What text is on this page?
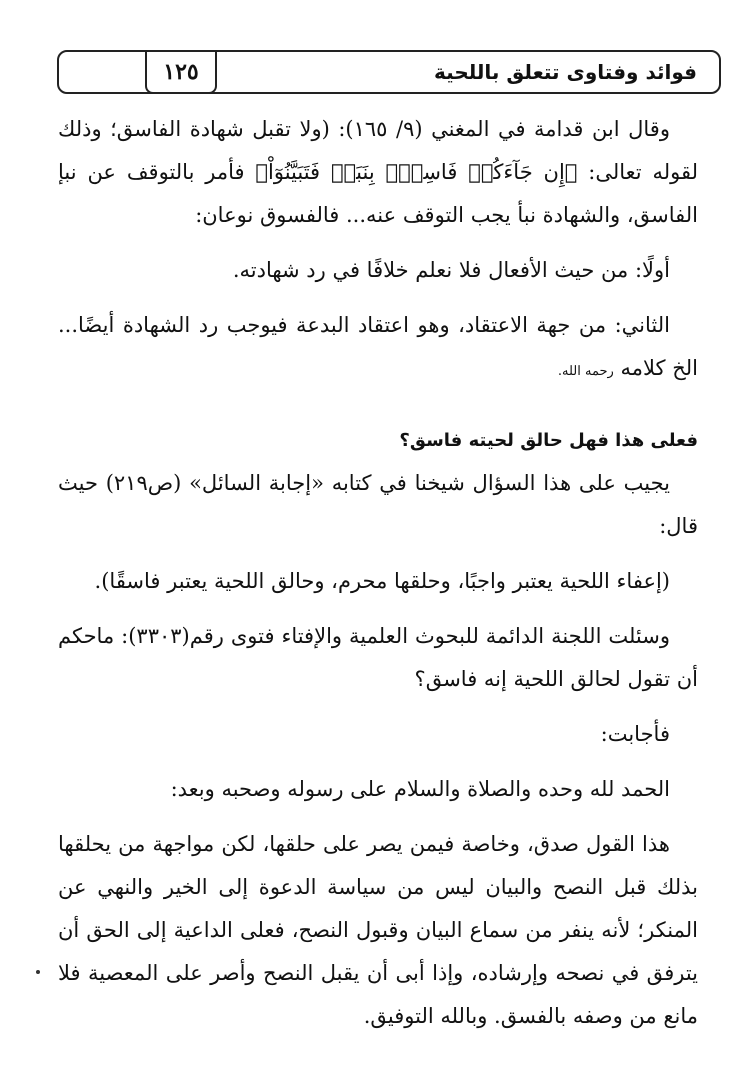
١٢٥	فوائد وفتاوى تتعلق باللحية

وقال ابن قدامة في المغني (٩/ ١٦٥): (ولا تقبل شهادة الفاسق؛ وذلك لقوله تعالى: ﴿إِن جَآءَكُمۡ فَاسِقُۢ بِنَبَإٖ فَتَبَيَّنُوٓاْ﴾ فأمر بالتوقف عن نبإ الفاسق، والشهادة نبأ يجب التوقف عنه... فالفسوق نوعان:

أولًا: من حيث الأفعال فلا نعلم خلافًا في رد شهادته.

الثاني: من جهة الاعتقاد، وهو اعتقاد البدعة فيوجب رد الشهادة أيضًا... الخ كلامه رحمه الله.

فعلى هذا فهل حالق لحيته فاسق؟

يجيب على هذا السؤال شيخنا في كتابه «إجابة السائل» (ص٢١٩) حيث قال:

(إعفاء اللحية يعتبر واجبًا، وحلقها محرم، وحالق اللحية يعتبر فاسقًا).

وسئلت اللجنة الدائمة للبحوث العلمية والإفتاء فتوى رقم(٣٣٠٣): ماحكم أن تقول لحالق اللحية إنه فاسق؟

فأجابت:

الحمد لله وحده والصلاة والسلام على رسوله وصحبه وبعد:

هذا القول صدق، وخاصة فيمن يصر على حلقها، لكن مواجهة من يحلقها بذلك قبل النصح والبيان ليس من سياسة الدعوة إلى الخير والنهي عن المنكر؛ لأنه ينفر من سماع البيان وقبول النصح، فعلى الداعية إلى الحق أن يترفق في نصحه وإرشاده، وإذا أبى أن يقبل النصح وأصر على المعصية فلا مانع من وصفه بالفسق. وبالله التوفيق.
